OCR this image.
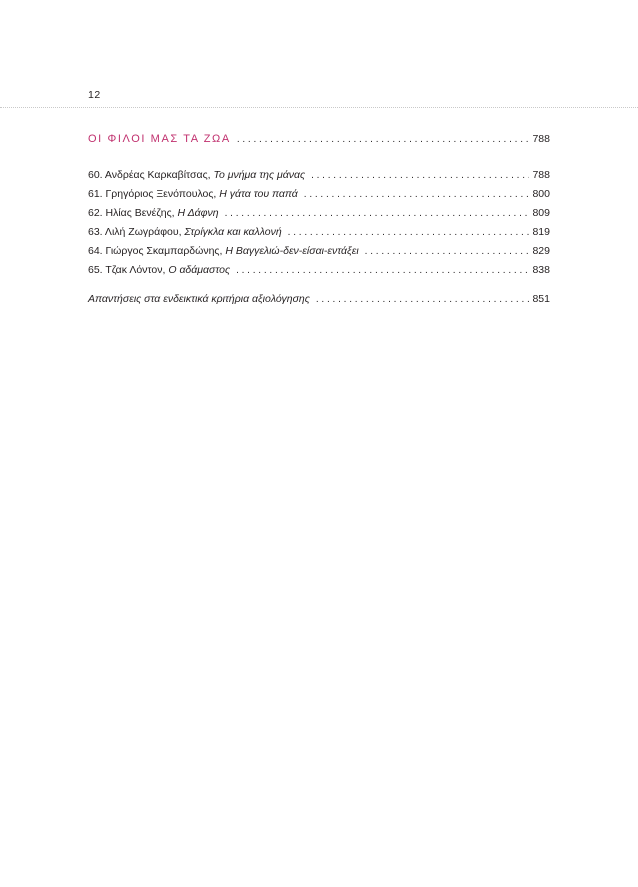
12
ΟΙ ΦΙΛΟΙ ΜΑΣ ΤΑ ΖΩΑ . . .	788
60. Ανδρέας Καρκαβίτσας, Το μνήμα της μάνας . . .	788
61. Γρηγόριος Ξενόπουλος, Η γάτα του παπά . . .	800
62. Ηλίας Βενέζης, Η Δάφνη . . .	809
63. Λιλή Ζωγράφου, Στρίγκλα και καλλονή . . .	819
64. Γιώργος Σκαμπαρδώνης, Η Βαγγελιώ-δεν-είσαι-εντάξει . . .	829
65. Τζακ Λόντον, Ο αδάμαστος . . .	838
Απαντήσεις στα ενδεικτικά κριτήρια αξιολόγησης . . .	851
